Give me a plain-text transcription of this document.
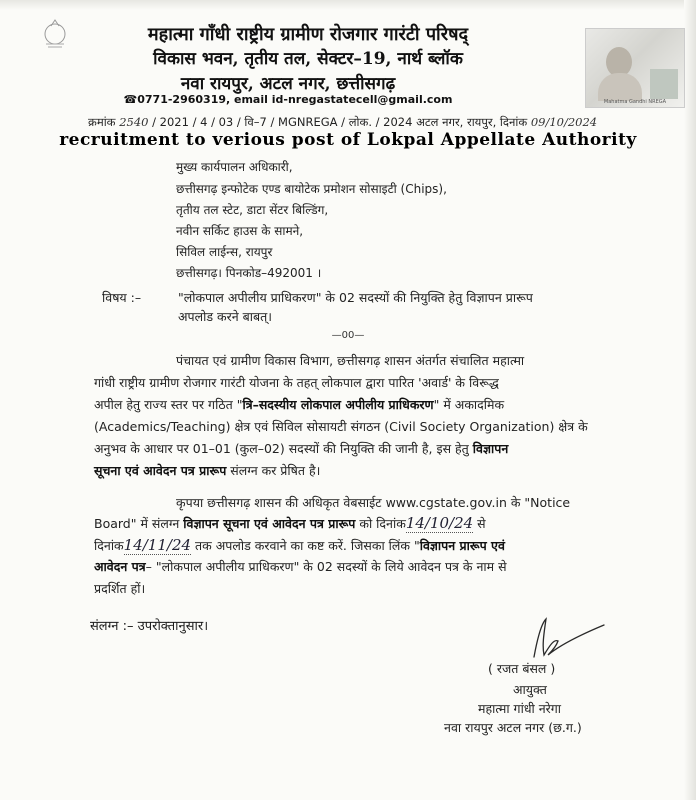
महात्मा गाँधी राष्ट्रीय ग्रामीण रोजगार गारंटी परिषद्
विकास भवन, तृतीय तल, सेक्टर–19, नार्थ ब्लॉक
नवा रायपुर, अटल नगर, छत्तीसगढ़
☎0771-2960319, email id-nregastatecell@gmail.com	Mahatma Gandhi NREGA
क्रमांक 2540 / 2021 / 4 / 03 / वि–7 / MGNREGA / लोक. / 2024 अटल नगर, रायपुर, दिनांक 09/10/2024
recruitment to verious post of Lokpal Appellate Authority
मुख्य कार्यपालन अधिकारी,
छत्तीसगढ़ इन्फोटेक एण्ड बायोटेक प्रमोशन सोसाइटी (Chips),
तृतीय तल स्टेट, डाटा सेंटर बिल्डिंग,
नवीन सर्किट हाउस के सामने,
सिविल लाईन्स, रायपुर
छत्तीसगढ़। पिनकोड–492001 ।
विषय :–	"लोकपाल अपीलीय प्राधिकरण" के 02 सदस्यों की नियुक्ति हेतु विज्ञापन प्रारूप
अपलोड करने बाबत्।
—00—
पंचायत एवं ग्रामीण विकास विभाग, छत्तीसगढ़ शासन अंतर्गत संचालित महात्मा
गांधी राष्ट्रीय ग्रामीण रोजगार गारंटी योजना के तहत् लोकपाल द्वारा पारित 'अवार्ड' के विरूद्ध
अपील हेतु राज्य स्तर पर गठित "त्रि–सदस्यीय लोकपाल अपीलीय प्राधिकरण" में अकादमिक
(Academics/Teaching) क्षेत्र एवं सिविल सोसायटी संगठन (Civil Society Organization) क्षेत्र के
अनुभव के आधार पर 01–01 (कुल–02) सदस्यों की नियुक्ति की जानी है, इस हेतु विज्ञापन
सूचना एवं आवेदन पत्र प्रारूप संलग्न कर प्रेषित है।
कृपया छत्तीसगढ़ शासन की अधिकृत वेबसाईट www.cgstate.gov.in के "Notice
Board" में संलग्न विज्ञापन सूचना एवं आवेदन पत्र प्रारूप को दिनांक14/10/24 से
दिनांक14/11/24 तक अपलोड करवाने का कष्ट करें. जिसका लिंक "विज्ञापन प्रारूप एवं
आवेदन पत्र– "लोकपाल अपीलीय प्राधिकरण" के 02 सदस्यों के लिये आवेदन पत्र के नाम से
प्रदर्शित हों।
संलग्न :– उपरोक्तानुसार।
( रजत बंसल )
आयुक्त
महात्मा गांधी नरेगा
नवा रायपुर अटल नगर (छ.ग.)
